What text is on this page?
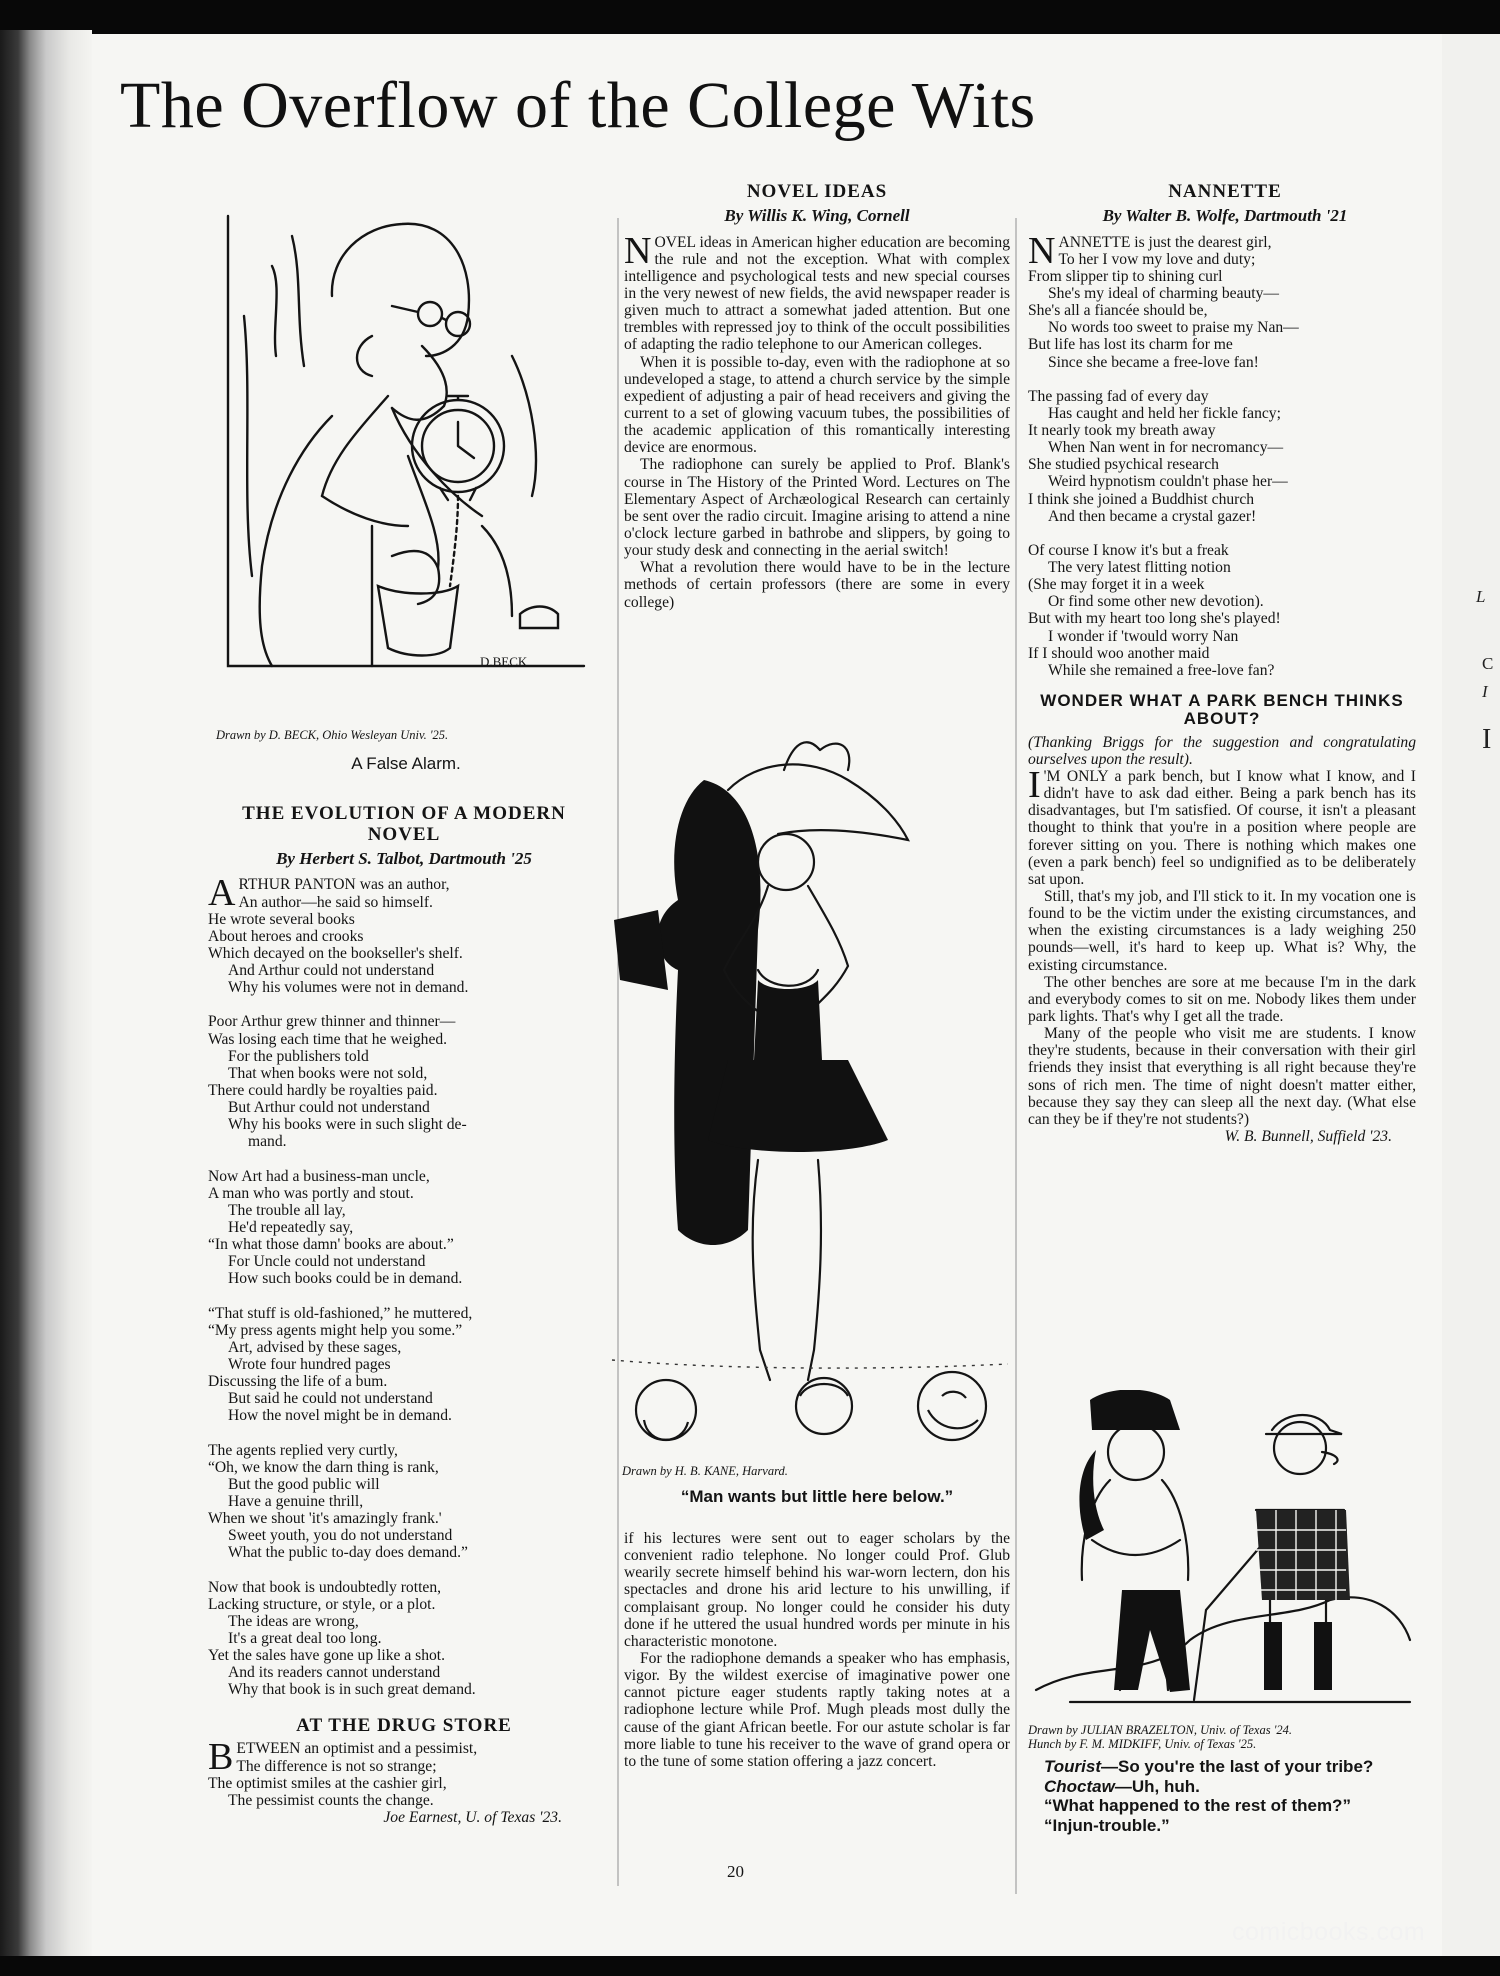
L
C
I
I
The Overflow of the College Wits
D.BECK
Drawn by D. BECK, Ohio Wesleyan Univ. '25.
A False Alarm.
THE EVOLUTION OF A MODERN NOVEL
By Herbert S. Talbot, Dartmouth '25
ARTHUR PANTON was an author,
An author—he said so himself.
He wrote several books
About heroes and crooks
Which decayed on the bookseller's shelf.
And Arthur could not understand
Why his volumes were not in demand.
Poor Arthur grew thinner and thinner—
Was losing each time that he weighed.
For the publishers told
That when books were not sold,
There could hardly be royalties paid.
But Arthur could not understand
Why his books were in such slight de-
mand.
Now Art had a business-man uncle,
A man who was portly and stout.
The trouble all lay,
He'd repeatedly say,
“In what those damn' books are about.”
For Uncle could not understand
How such books could be in demand.
“That stuff is old-fashioned,” he muttered,
“My press agents might help you some.”
Art, advised by these sages,
Wrote four hundred pages
Discussing the life of a bum.
But said he could not understand
How the novel might be in demand.
The agents replied very curtly,
“Oh, we know the darn thing is rank,
But the good public will
Have a genuine thrill,
When we shout 'it's amazingly frank.'
Sweet youth, you do not understand
What the public to-day does demand.”
Now that book is undoubtedly rotten,
Lacking structure, or style, or a plot.
The ideas are wrong,
It's a great deal too long.
Yet the sales have gone up like a shot.
And its readers cannot understand
Why that book is in such great demand.
AT THE DRUG STORE
BETWEEN an optimist and a pessimist,
The difference is not so strange;
The optimist smiles at the cashier girl,
The pessimist counts the change.
Joe Earnest, U. of Texas '23.
NOVEL IDEAS
By Willis K. Wing, Cornell

NOVEL ideas in American higher education are becoming the rule and not the exception. What with complex intelligence and psychological tests and new special courses in the very newest of new fields, the avid newspaper reader is given much to attract a somewhat jaded attention. But one trembles with repressed joy to think of the occult possibilities of adapting the radio telephone to our American colleges.

When it is possible to-day, even with the radiophone at so undeveloped a stage, to attend a church service by the simple expedient of adjusting a pair of head receivers and giving the current to a set of glowing vacuum tubes, the possibilities of the academic application of this romantically interesting device are enormous.

The radiophone can surely be applied to Prof. Blank's course in The History of the Printed Word. Lectures on The Elementary Aspect of Archæological Research can certainly be sent over the radio circuit. Imagine arising to attend a nine o'clock lecture garbed in bathrobe and slippers, by going to your study desk and connecting in the aerial switch!

What a revolution there would have to be in the lecture methods of certain professors (there are some in every college)

Drawn by H. B. KANE, Harvard.
“Man wants but little here below.”

if his lectures were sent out to eager scholars by the convenient radio telephone. No longer could Prof. Glub wearily secrete himself behind his war-worn lectern, don his spectacles and drone his arid lecture to his unwilling, if complaisant group. No longer could he consider his duty done if he uttered the usual hundred words per minute in his characteristic monotone.

For the radiophone demands a speaker who has emphasis, vigor. By the wildest exercise of imaginative power one cannot picture eager students raptly taking notes at a radiophone lecture while Prof. Mugh pleads most dully the cause of the giant African beetle. For our astute scholar is far more liable to tune his receiver to the wave of grand opera or to the tune of some station offering a jazz concert.

NANNETTE
By Walter B. Wolfe, Dartmouth '21
NANNETTE is just the dearest girl,
To her I vow my love and duty;
From slipper tip to shining curl
She's my ideal of charming beauty—
She's all a fiancée should be,
No words too sweet to praise my Nan—
But life has lost its charm for me
Since she became a free-love fan!
The passing fad of every day
Has caught and held her fickle fancy;
It nearly took my breath away
When Nan went in for necromancy—
She studied psychical research
Weird hypnotism couldn't phase her—
I think she joined a Buddhist church
And then became a crystal gazer!
Of course I know it's but a freak
The very latest flitting notion
(She may forget it in a week
Or find some other new devotion).
But with my heart too long she's played!
I wonder if 'twould worry Nan
If I should woo another maid
While she remained a free-love fan?
WONDER WHAT A PARK BENCH THINKS ABOUT?

(Thanking Briggs for the suggestion and congratulating ourselves upon the result).

I 'M ONLY a park bench, but I know what I know, and I didn't have to ask dad either. Being a park bench has its disadvantages, but I'm satisfied. Of course, it isn't a pleasant thought to think that you're in a position where people are forever sitting on you. There is nothing which makes one (even a park bench) feel so undignified as to be deliberately sat upon.

Still, that's my job, and I'll stick to it. In my vocation one is found to be the victim under the existing circumstances, and when the existing circumstances is a lady weighing 250 pounds—well, it's hard to keep up. What is? Why, the existing circumstance.

The other benches are sore at me because I'm in the dark and everybody comes to sit on me. Nobody likes them under park lights. That's why I get all the trade.

Many of the people who visit me are students. I know they're students, because in their conversation with their girl friends they insist that everything is all right because they're sons of rich men. The time of night doesn't matter either, because they say they can sleep all the next day. (What else can they be if they're not students?)

W. B. Bunnell, Suffield '23.
Drawn by JULIAN BRAZELTON, Univ. of Texas '24.
Hunch by F. M. MIDKIFF, Univ. of Texas '25.

Tourist—So you're the last of your tribe?

Choctaw—Uh, huh.

“What happened to the rest of them?”

“Injun-trouble.”

20
comicbooks.com
